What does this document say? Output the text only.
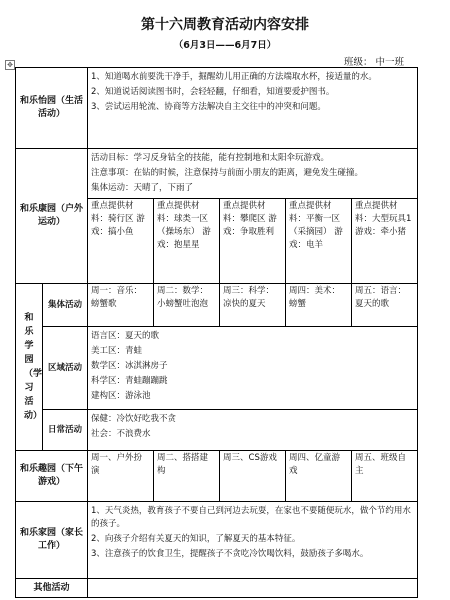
第十六周教育活动内容安排
（6月3日——6月7日）
✥	班级： 中一班
和乐怡园（生活活动）		1、知道喝水前要洗干净手，掘醒幼儿用正确的方法端取水杯，接适量的水。
2、知道说话阅读图书时，会轻轻翻，仔细看，知道要爱护图书。
3、尝试运用轮流、协商等方法解决自主交往中的冲突和问题。				

和乐康园（户外运动）		活动目标：学习反身钻全的技能，能有控制地和太阳伞玩游戏。
注意事项：在钻的时候，注意保持与前面小朋友的距离，避免发生碰撞。
集体运动：天晴了，下雨了				

		重点提供材料：骑行区 游戏：搞小鱼	重点提供材料：球类一区（操场东） 游戏：抱星星	重点提供材料：攀爬区 游戏：争取胜利	重点提供材料：平衡一区（采摘园） 游戏：电羊	重点提供材料：大型玩具1 游戏：牵小猪

和乐学园（学习活动）	集体活动	周一：音乐：螃蟹歌	周二：数学：小螃蟹吐泡泡	周三：科学：凉快的夏天	周四：美术：螃蟹	周五：语言：夏天的歌
	区域活动	语言区：夏天的歌
美工区：青蛙
数学区：冰淇淋房子
科学区：青蛙蹦蹦跳
建构区：游泳池				

	日常活动	保健：冷饮好吃我不贪
社会：不浪费水				

和乐趣园（下午游戏）		周一、户外扮演	周二、搭搭建构	周三、CS游戏	周四、亿童游戏	周五、班级自主
和乐家园（家长工作）		1、天气炎热，教育孩子不要自己到河边去玩耍，在家也不要随便玩水，做个节约用水的孩子。
2、向孩子介绍有关夏天的知识，了解夏天的基本特征。
3、注意孩子的饮食卫生，提醒孩子不贪吃冷饮喝饮料，鼓励孩子多喝水。				

其他活动						
